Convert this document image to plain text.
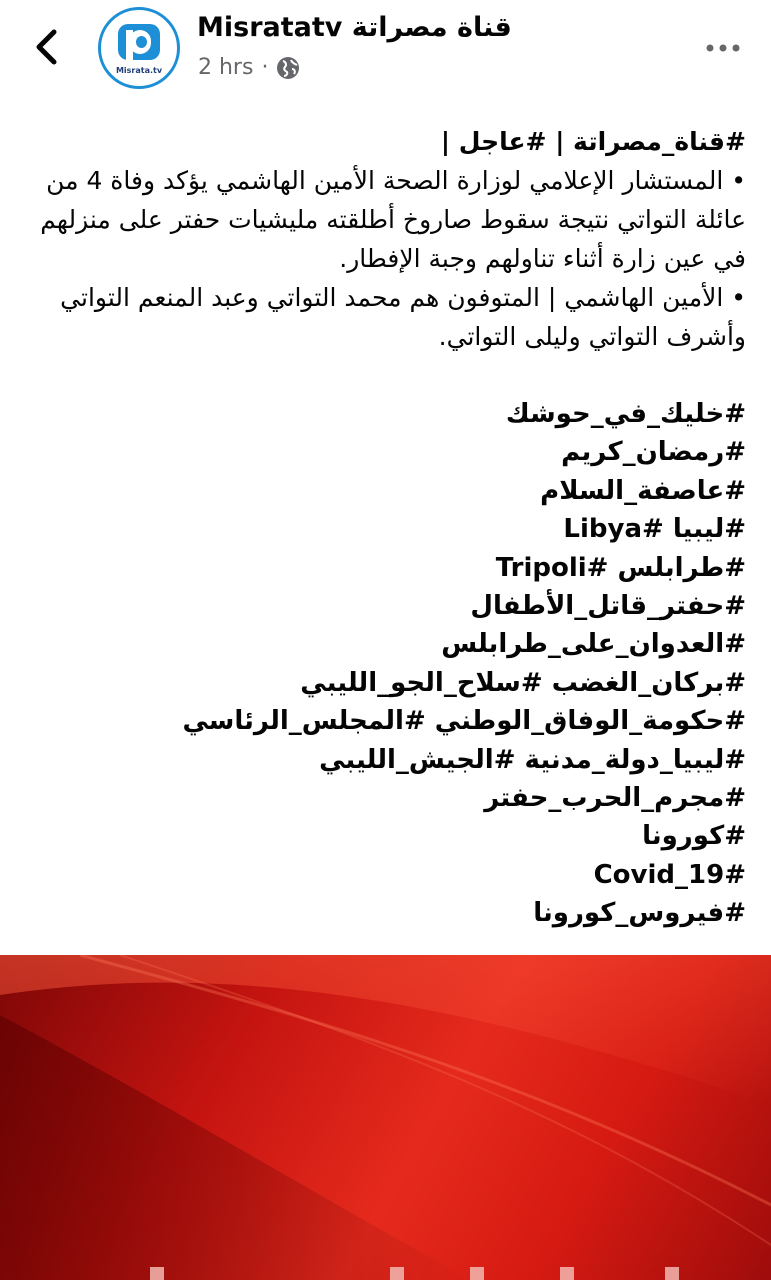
Misrata.tv
Misratatv قناة مصراتة
2 hrs ·

#قناة_مصراتة | #عاجل |

• المستشار الإعلامي لوزارة الصحة الأمين الهاشمي يؤكد وفاة 4 من عائلة التواتي نتيجة سقوط صاروخ أطلقته مليشيات حفتر على منزلهم في عين زارة أثناء تناولهم وجبة الإفطار.

• الأمين الهاشمي | المتوفون هم محمد التواتي وعبد المنعم التواتي وأشرف التواتي وليلى التواتي.

#خليك_في_حوشك
#رمضان_كريم
#عاصفة_السلام
#ليبيا #Libya
#طرابلس #Tripoli
#حفتر_قاتل_الأطفال
#العدوان_على_طرابلس
#بركان_الغضب #سلاح_الجو_الليبي
#حكومة_الوفاق_الوطني #المجلس_الرئاسي
#ليبيا_دولة_مدنية #الجيش_الليبي
#مجرم_الحرب_حفتر
#كورونا
#Covid_19
#فيروس_كورونا
